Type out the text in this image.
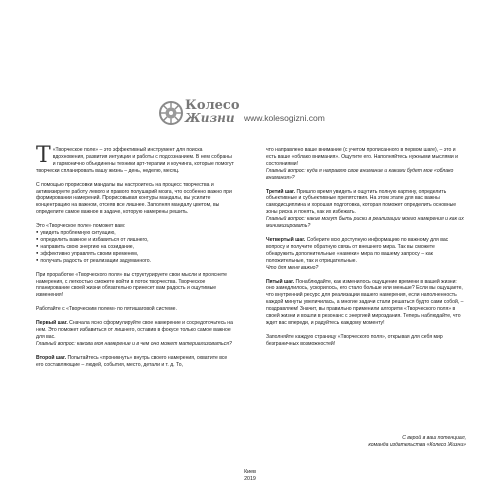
Колесо
Жизни	www.kolesogizni.com

Т «Творческое поле» – это эффективный инструмент для поиска вдохновения, развития интуиции и работы с подсознанием. В нем собраны и гармонично объединены техники арт-терапии и коучинга, которые помогут творчески спланировать вашу жизнь – день, неделю, месяц.

С помощью прорисовки мандалы вы настроитесь на процесс творчества и активизируете работу левого и правого полушарий мозга, что особенно важно при формировании намерений. Прорисовывая контуры мандалы, вы усилите концентрацию на важном, отсеяв все лишнее. Заполняя мандалу цветом, вы определите самое важное в задаче, которую намерены решить.

Это «Творческое поле» поможет вам:
● увидеть проблемную ситуацию,
● определить важное и избавиться от лишнего,
● направить свою энергию на созидание,
● эффективно управлять своим временем,
● получать радость от реализации задуманного.

При проработке «Творческого поля» вы структурируете свои мысли и прояснете намерения, с легкостью сможете войти в поток творчества. Творческое планирование своей жизни обязательно принесет вам радость и ощутимые изменения!

Работайте с «Творческим полем» по пятишаговой системе.

Первый шаг. Сначала ясно сформулируйте свое намерение и сосредоточьтесь на нем. Это поможет избавиться от лишнего, оставив в фокусе только самое важное для вас.
Главный вопрос: какова моя намерение и в чем оно может материализоваться?

Второй шаг. Попытайтесь «проникнуть» внутрь своего намерения, охватите все его составляющие – людей, события, место, детали и т. д. То,

что направлено ваше внимание (с учетом прописанного в первом шаге), – это и есть ваше «облако внимания». Ощутите его. Наполняйтесь нужными мыслями и состояниями!
Главный вопрос: куда я направлю свое внимание и какими будет мое «облако внимания»?

Третий шаг. Пришло время увидеть и ощутить полную картину, определить объективные и субъективные препятствия. На этом этапе для вас важны самодисциплина и хорошая подготовка, которая поможет определить основные зоны риска и понять, как их избежать.
Главный вопрос: какие могут быть риски в реализации моего намерения и как их минимизировать?

Четвертый шаг. Соберите всю доступную информацию по важному для вас вопросу и получите обратную связь от внешнего мира. Так вы сможете обнаружить дополнительные «намеки» мира по вашему запросу – как положительные, так и отрицательные.
Что для меня важно?

Пятый шаг. Понаблюдайте, как изменилось ощущение времени в вашей жизни: оно замедлилось, ускорилось, его стало больше или меньше? Если вы ощущаете, что внутренний ресурс для реализации вашего намерения, если наполненность каждой минуты увеличилась, а многие задачи стали решаться будто сами собой, – поздравляем! Значит, вы правильно применили алгоритм «Творческого поля» в своей жизни и вошли в резонанс с энергией мироздания. Теперь наблюдайте, что ждет вас впереди, и радуйтесь каждому моменту!

Заполняйте каждую страницу «Творческого поля», открывая для себя мир безграничных возможностей!

С верой в ваш потенциал,
команда издательства «Колесо Жизни»
Киев
2019
